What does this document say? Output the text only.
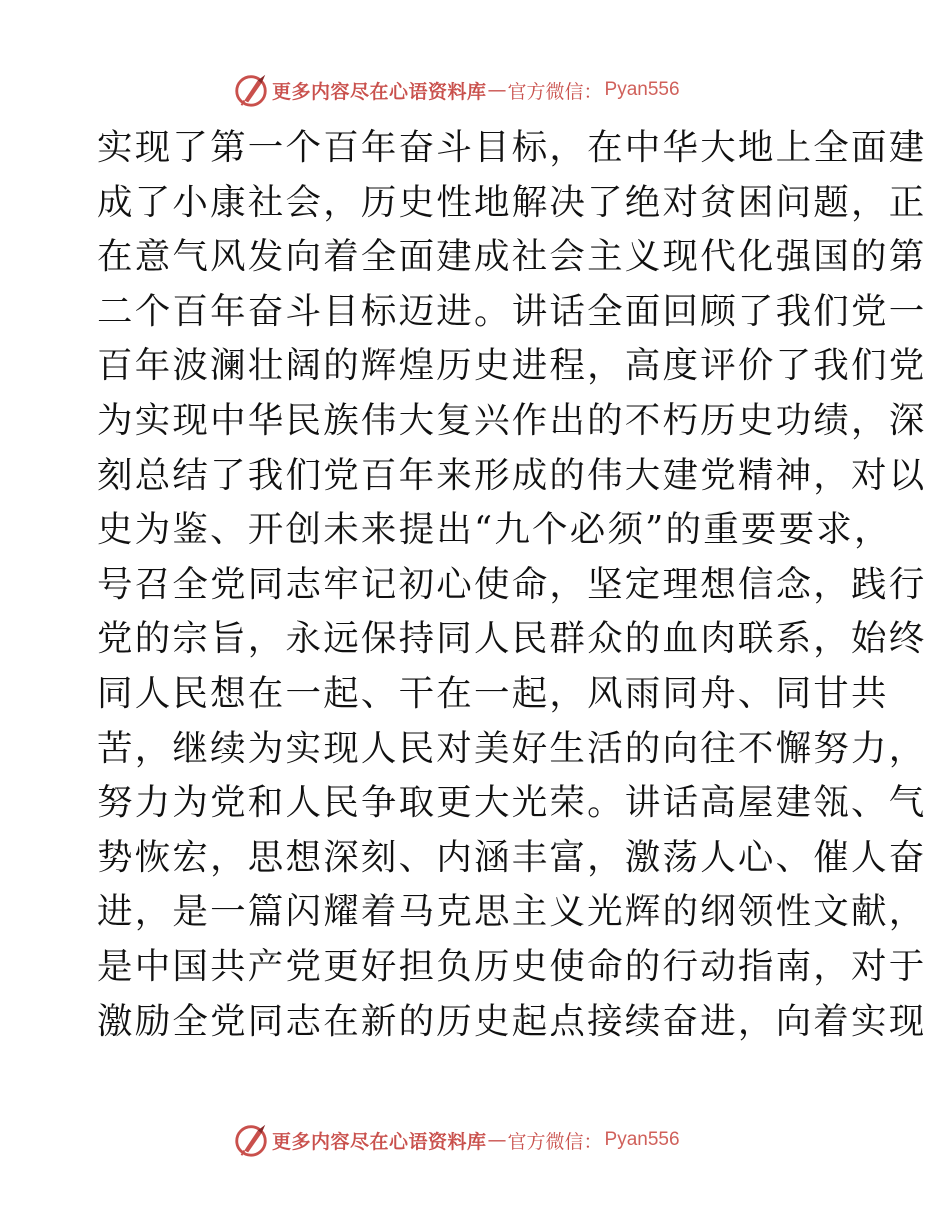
更多内容尽在心语资料库 — 官方微信： Pyan556
实现了第一个百年奋斗目标，在中华大地上全面建
成了小康社会，历史性地解决了绝对贫困问题，正
在意气风发向着全面建成社会主义现代化强国的第
二个百年奋斗目标迈进。讲话全面回顾了我们党一
百年波澜壮阔的辉煌历史进程，高度评价了我们党
为实现中华民族伟大复兴作出的不朽历史功绩，深
刻总结了我们党百年来形成的伟大建党精神，对以
史为鉴、开创未来提出“九个必须”的重要要求，
号召全党同志牢记初心使命，坚定理想信念，践行
党的宗旨，永远保持同人民群众的血肉联系，始终
同人民想在一起、干在一起，风雨同舟、同甘共
苦，继续为实现人民对美好生活的向往不懈努力，
努力为党和人民争取更大光荣。讲话高屋建瓴、气
势恢宏，思想深刻、内涵丰富，激荡人心、催人奋
进，是一篇闪耀着马克思主义光辉的纲领性文献，
是中国共产党更好担负历史使命的行动指南，对于
激励全党同志在新的历史起点接续奋进，向着实现
更多内容尽在心语资料库 — 官方微信： Pyan556
